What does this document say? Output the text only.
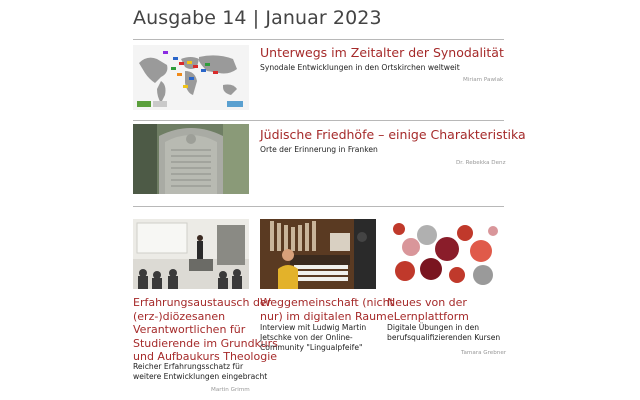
Ausgabe 14 | Januar 2023
Unterwegs im Zeitalter der Synodalität
Synodale Entwicklungen in den Ortskirchen weltweit
Miriam Pawlak
Jüdische Friedhöfe – einige Charakteristika
Orte der Erinnerung in Franken
Dr. Rebekka Denz
Erfahrungsaustausch der
(erz-)diözesanen
Verantwortlichen für
Studierende im Grundkurs
und Aufbaukurs Theologie
Reicher Erfahrungsschatz für
weitere Entwicklungen eingebracht
Martin Grimm
Weggemeinschaft (nicht
nur) im digitalen Raum
Interview mit Ludwig Martin
Jetschke von der Online-
Community "Lingualpfeife"
Neues von der
eLernplattform
Digitale Übungen in den
berufsqualifizierenden Kursen
Tamara Grebner
